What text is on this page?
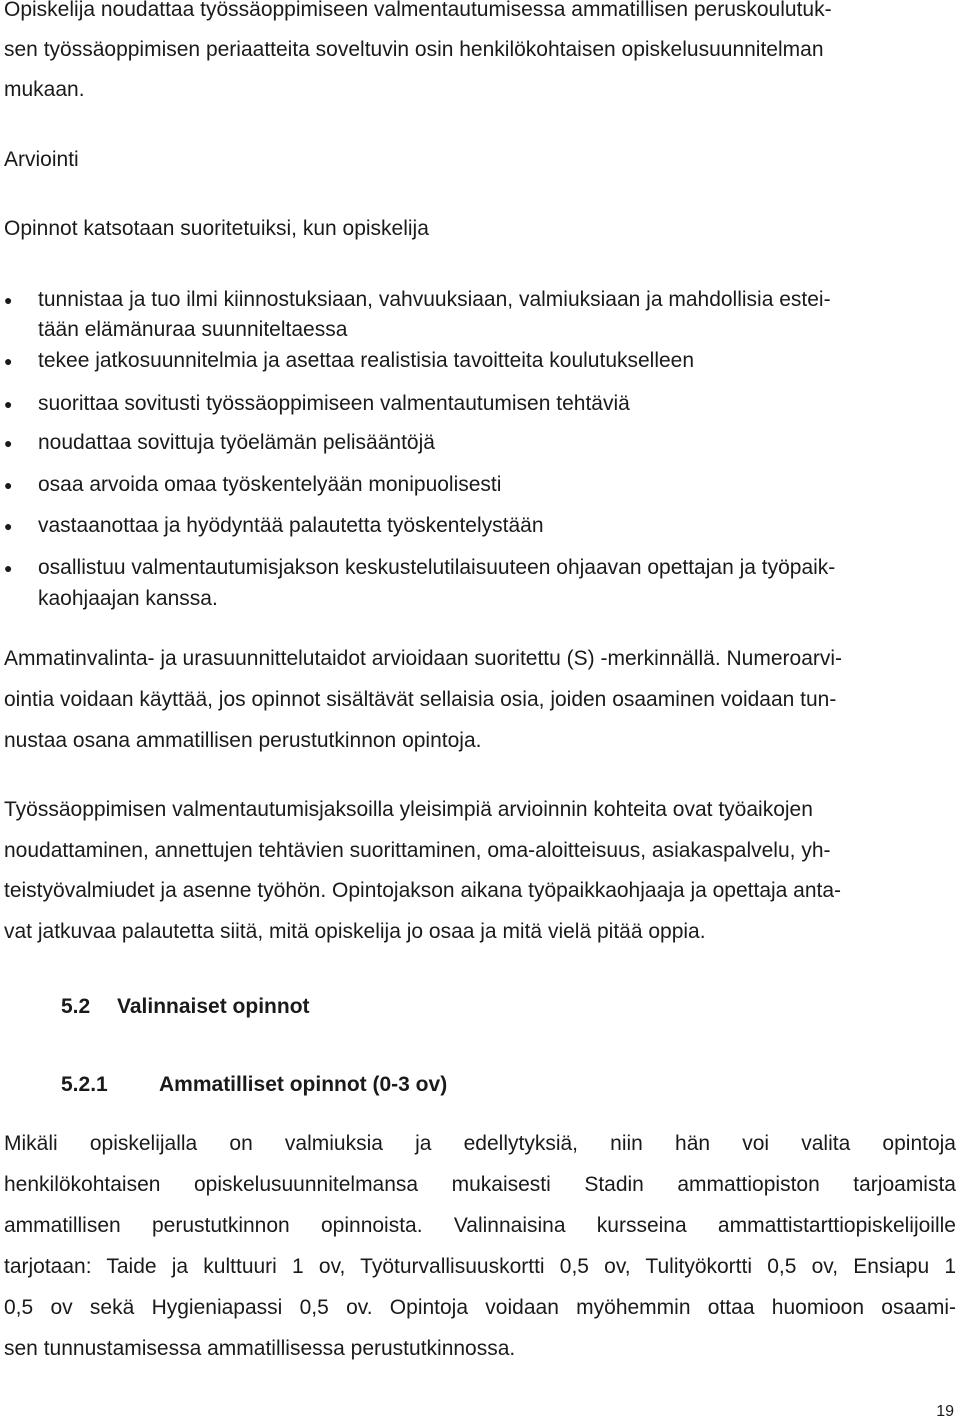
Opiskelija noudattaa työssäoppimiseen valmentautumisessa ammatillisen peruskoulutuk-

sen työssäoppimisen periaatteita soveltuvin osin henkilökohtaisen opiskelusuunnitelman

mukaan.

Arviointi

Opinnot katsotaan suoritetuiksi, kun opiskelija

● tunnistaa ja tuo ilmi kiinnostuksiaan, vahvuuksiaan, valmiuksiaan ja mahdollisia estei-

tään elämänuraa suunniteltaessa

● tekee jatkosuunnitelmia ja asettaa realistisia tavoitteita koulutukselleen

● suorittaa sovitusti työssäoppimiseen valmentautumisen tehtäviä

● noudattaa sovittuja työelämän pelisääntöjä

● osaa arvoida omaa työskentelyään monipuolisesti

● vastaanottaa ja hyödyntää palautetta työskentelystään

● osallistuu valmentautumisjakson keskustelutilaisuuteen ohjaavan opettajan ja työpaik-

kaohjaajan kanssa.

Ammatinvalinta- ja urasuunnittelutaidot arvioidaan suoritettu (S) -merkinnällä. Numeroarvi-

ointia voidaan käyttää, jos opinnot sisältävät sellaisia osia, joiden osaaminen voidaan tun-

nustaa osana ammatillisen perustutkinnon opintoja.

Työssäoppimisen valmentautumisjaksoilla yleisimpiä arvioinnin kohteita ovat työaikojen

noudattaminen, annettujen tehtävien suorittaminen, oma-aloitteisuus, asiakaspalvelu, yh-

teistyövalmiudet ja asenne työhön. Opintojakson aikana työpaikkaohjaaja ja opettaja anta-

vat jatkuvaa palautetta siitä, mitä opiskelija jo osaa ja mitä vielä pitää oppia.

5.2 Valinnaiset opinnot

5.2.1 Ammatilliset opinnot (0-3 ov)

Mikäli opiskelijalla on valmiuksia ja edellytyksiä, niin hän voi valita opintoja

henkilökohtaisen opiskelusuunnitelmansa mukaisesti Stadin ammattiopiston tarjoamista

ammatillisen perustutkinnon opinnoista. Valinnaisina kursseina ammattistarttiopiskelijoille

tarjotaan: Taide ja kulttuuri 1 ov, Työturvallisuuskortti 0,5 ov, Tulityökortti 0,5 ov, Ensiapu 1

0,5 ov sekä Hygieniapassi 0,5 ov. Opintoja voidaan myöhemmin ottaa huomioon osaami-

sen tunnustamisessa ammatillisessa perustutkinnossa.

19
